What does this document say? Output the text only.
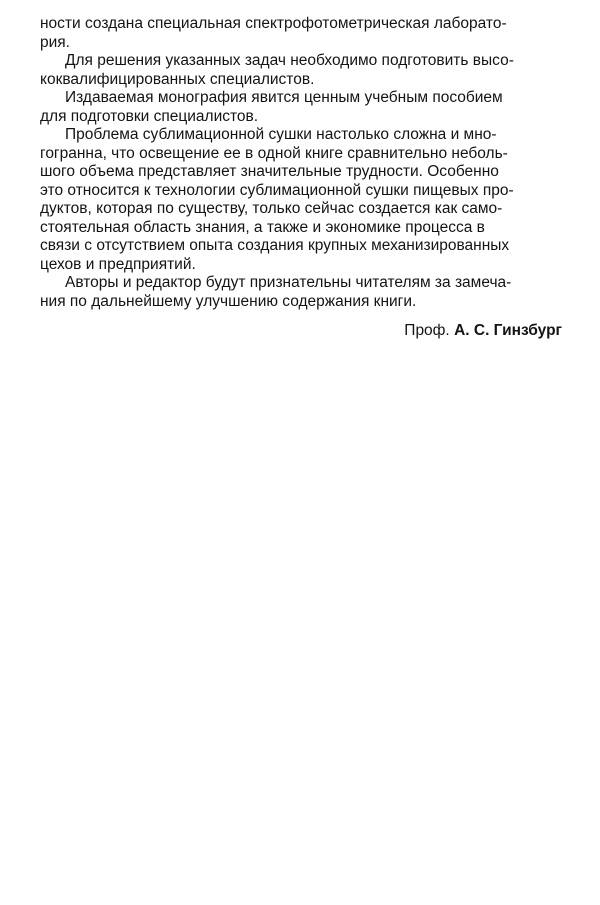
ности создана специальная спектрофотометрическая лаборато-
рия.
Для решения указанных задач необходимо подготовить высо-
коквалифицированных специалистов.
Издаваемая монография явится ценным учебным пособием
для подготовки специалистов.
Проблема сублимационной сушки настолько сложна и мно-
гогранна, что освещение ее в одной книге сравнительно неболь-
шого объема представляет значительные трудности. Особенно
это относится к технологии сублимационной сушки пищевых про-
дуктов, которая по существу, только сейчас создается как само-
стоятельная область знания, а также и экономике процесса в
связи с отсутствием опыта создания крупных механизированных
цехов и предприятий.
Авторы и редактор будут признательны читателям за замеча-
ния по дальнейшему улучшению содержания книги.
Проф. А. С. Гинзбург
